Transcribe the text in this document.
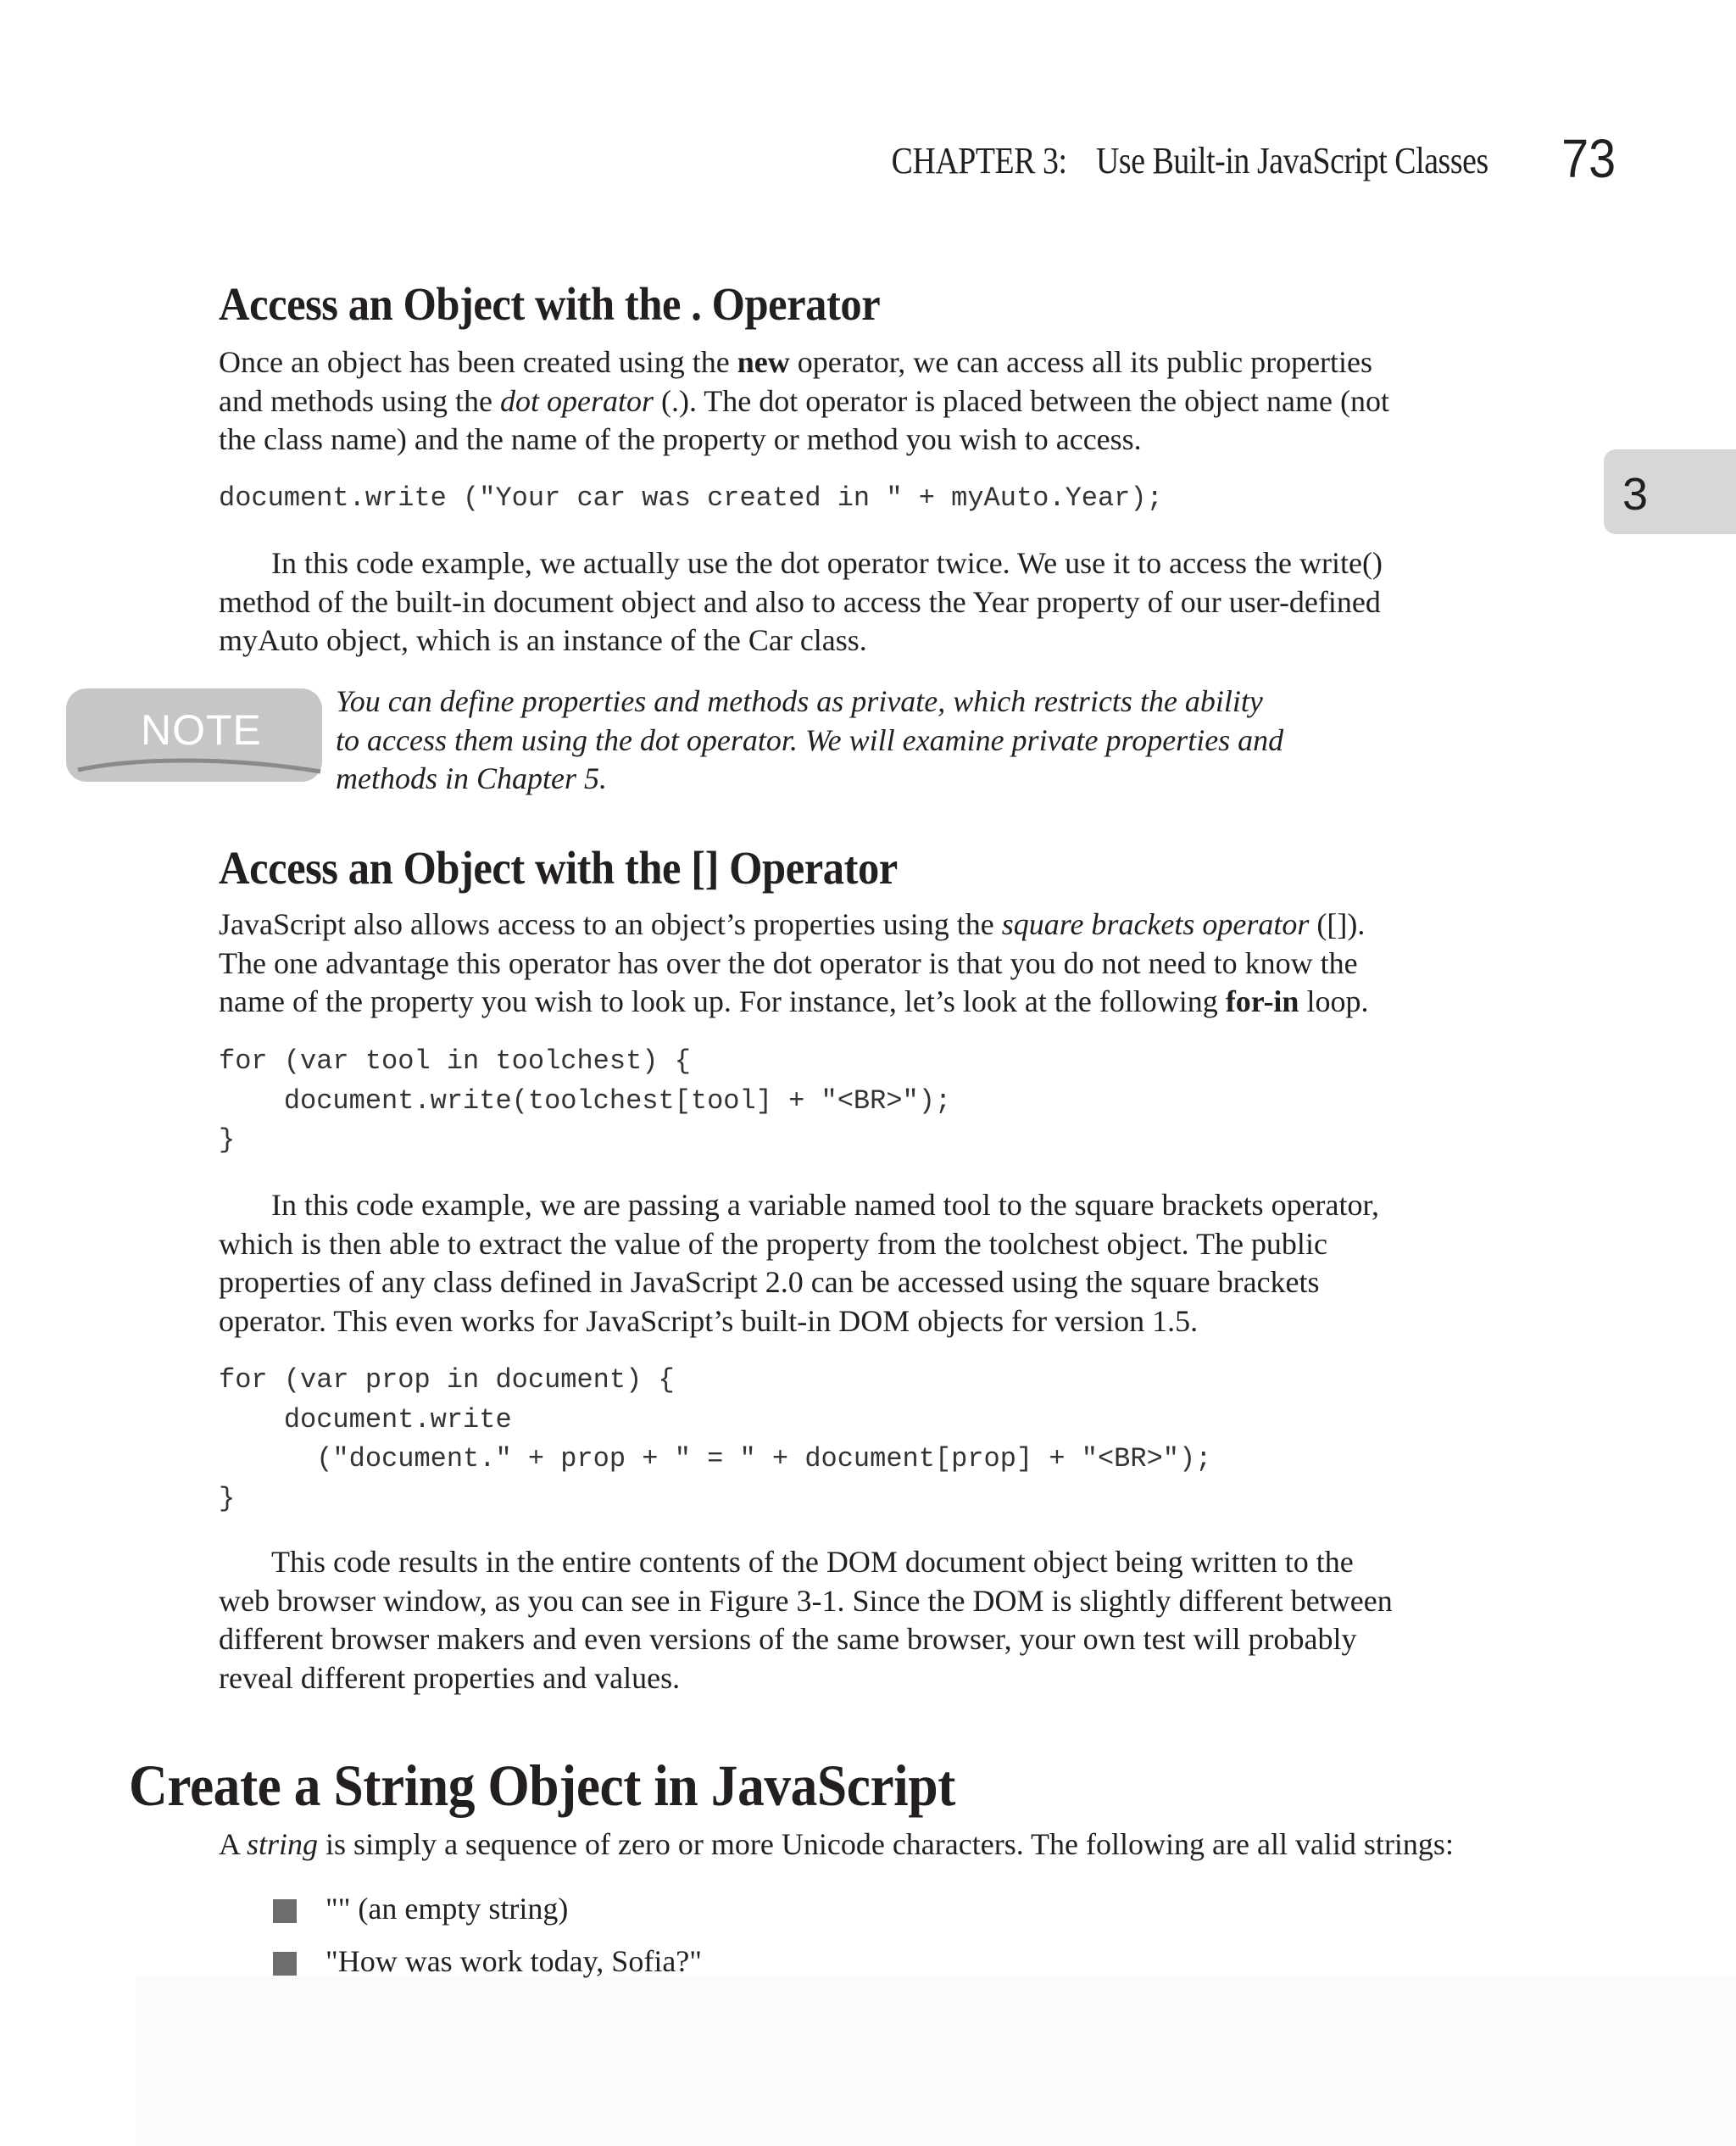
CHAPTER 3: Use Built-in JavaScript Classes 73
3
Access an Object with the . Operator

Once an object has been created using the new operator, we can access all its public properties
and methods using the dot operator (.). The dot operator is placed between the object name (not
the class name) and the name of the property or method you wish to access.

document.write ("Your car was created in " + myAuto.Year);

In this code example, we actually use the dot operator twice. We use it to access the write()
method of the built-in document object and also to access the Year property of our user-defined
myAuto object, which is an instance of the Car class.

NOTE
You can define properties and methods as private, which restricts the ability
to access them using the dot operator. We will examine private properties and
methods in Chapter 5.
Access an Object with the [] Operator

JavaScript also allows access to an object’s properties using the square brackets operator ([]).
The one advantage this operator has over the dot operator is that you do not need to know the
name of the property you wish to look up. For instance, let’s look at the following for-in loop.

for (var tool in toolchest) {
document.write(toolchest[tool] + "<BR>");
}

In this code example, we are passing a variable named tool to the square brackets operator,
which is then able to extract the value of the property from the toolchest object. The public
properties of any class defined in JavaScript 2.0 can be accessed using the square brackets
operator. This even works for JavaScript’s built-in DOM objects for version 1.5.

for (var prop in document) {
document.write
("document." + prop + " = " + document[prop] + "<BR>");
}

This code results in the entire contents of the DOM document object being written to the
web browser window, as you can see in Figure 3-1. Since the DOM is slightly different between
different browser makers and even versions of the same browser, your own test will probably
reveal different properties and values.

Create a String Object in JavaScript

A string is simply a sequence of zero or more Unicode characters. The following are all valid strings:

"" (an empty string)
"How was work today, Sofia?"
